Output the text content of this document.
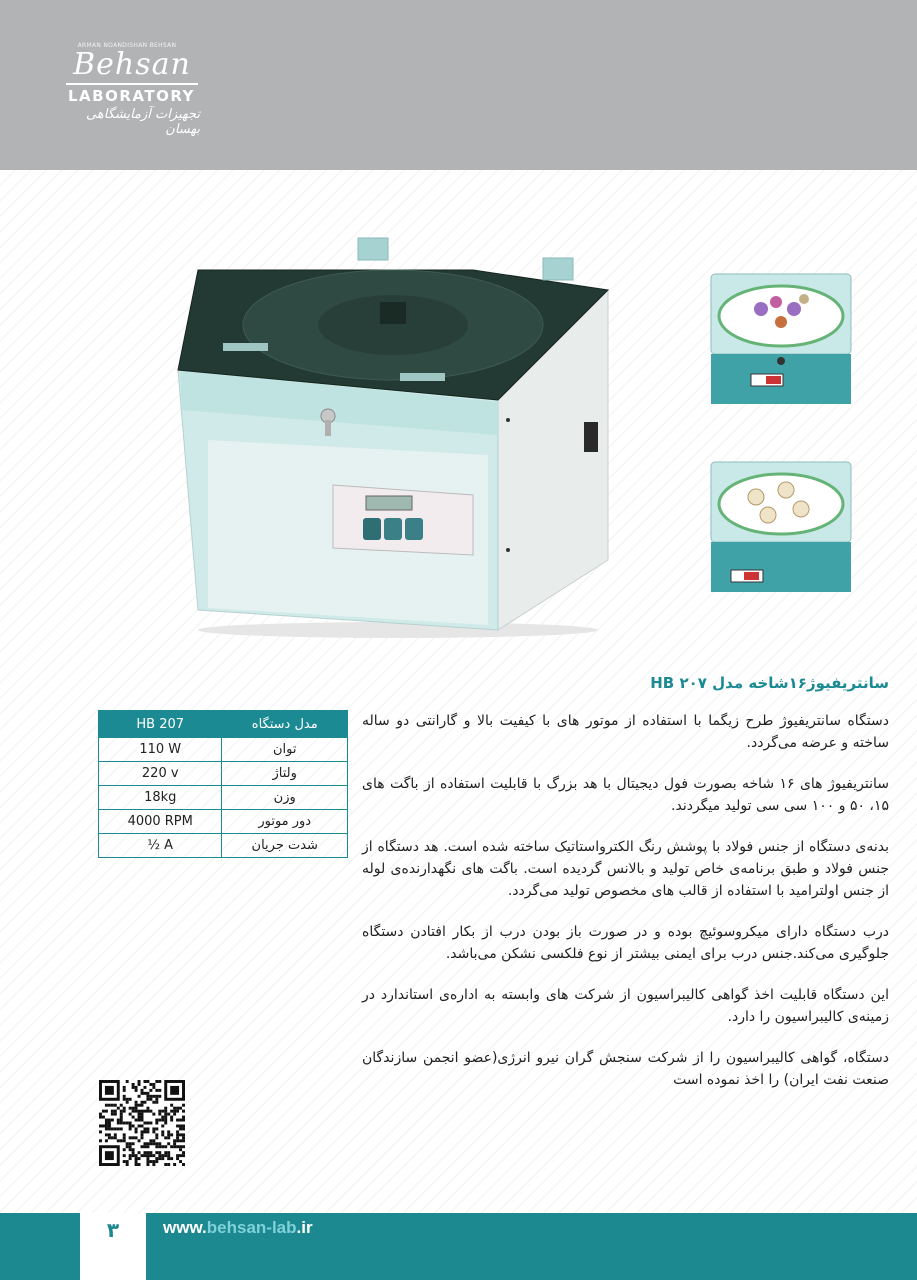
ARMAN NOANDISHAN BEHSAN
Behsan
LABORATORY
تجهیزات آزمایشگاهی بهسان
سانتریفیوژ۱۶شاخه مدل HB ۲۰۷
HB 207	مدل دستگاه
110 W	توان
220 v	ولتاژ
18kg	وزن
4000 RPM	دور موتور
½ A	شدت جریان

دستگاه سانتریفیوژ طرح زیگما با استفاده از موتور های با کیفیت بالا و گارانتی دو ساله ساخته و عرضه می‌گردد.

سانتریفیوژ های ۱۶ شاخه بصورت فول دیجیتال با هد بزرگ با قابلیت استفاده از باگت های ۱۵، ۵۰ و ۱۰۰ سی سی تولید میگردند.

بدنه‌ی دستگاه از جنس فولاد با پوشش رنگ الکترواستاتیک ساخته شده است. هد دستگاه از جنس فولاد و طبق برنامه‌ی خاص تولید و بالانس گردیده است. باگت های نگهدارنده‌ی لوله از جنس اولترامید با استفاده از قالب های مخصوص تولید می‌گردد.

درب دستگاه دارای میکروسوئیچ بوده و در صورت باز بودن درب از بکار افتادن دستگاه جلوگیری می‌کند.جنس درب برای ایمنی بیشتر از نوع فلکسی نشکن می‌باشد.

این دستگاه قابلیت اخذ گواهی کالیبراسیون از شرکت های وابسته به اداره‌ی استاندارد در زمینه‌ی کالیبراسیون را دارد.

دستگاه، گواهی کالیبراسیون را از شرکت سنجش گران نیرو انرژی(عضو انجمن سازندگان صنعت نفت ایران) را اخذ نموده است

۳	www.behsan-lab.ir
